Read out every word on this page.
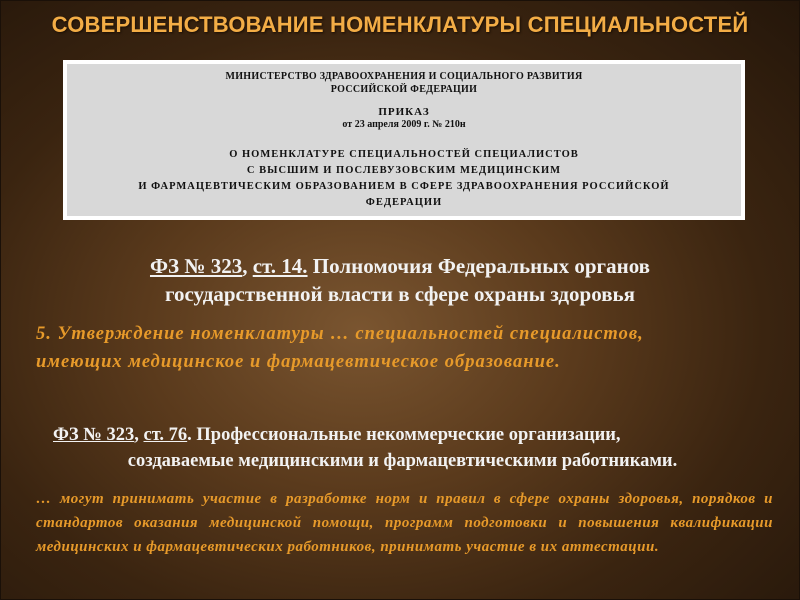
СОВЕРШЕНСТВОВАНИЕ НОМЕНКЛАТУРЫ СПЕЦИАЛЬНОСТЕЙ
МИНИСТЕРСТВО ЗДРАВООХРАНЕНИЯ И СОЦИАЛЬНОГО РАЗВИТИЯ
РОССИЙСКОЙ ФЕДЕРАЦИИ
ПРИКАЗ
от 23 апреля 2009 г. № 210н
О НОМЕНКЛАТУРЕ СПЕЦИАЛЬНОСТЕЙ СПЕЦИАЛИСТОВ
С ВЫСШИМ И ПОСЛЕВУЗОВСКИМ МЕДИЦИНСКИМ
И ФАРМАЦЕВТИЧЕСКИМ ОБРАЗОВАНИЕМ В СФЕРЕ ЗДРАВООХРАНЕНИЯ РОССИЙСКОЙ
ФЕДЕРАЦИИ
ФЗ № 323, ст. 14. Полномочия Федеральных органов
государственной власти в сфере охраны здоровья
5. Утверждение номенклатуры … специальностей специалистов,
имеющих медицинское и фармацевтическое образование.
ФЗ № 323, ст. 76. Профессиональные некоммерческие организации,
создаваемые медицинскими и фармацевтическими работниками.
… могут принимать участие в разработке норм и правил в сфере охраны здоровья, порядков и стандартов оказания медицинской помощи, программ подготовки и повышения квалификации медицинских и фармацевтических работников, принимать участие в их аттестации.
